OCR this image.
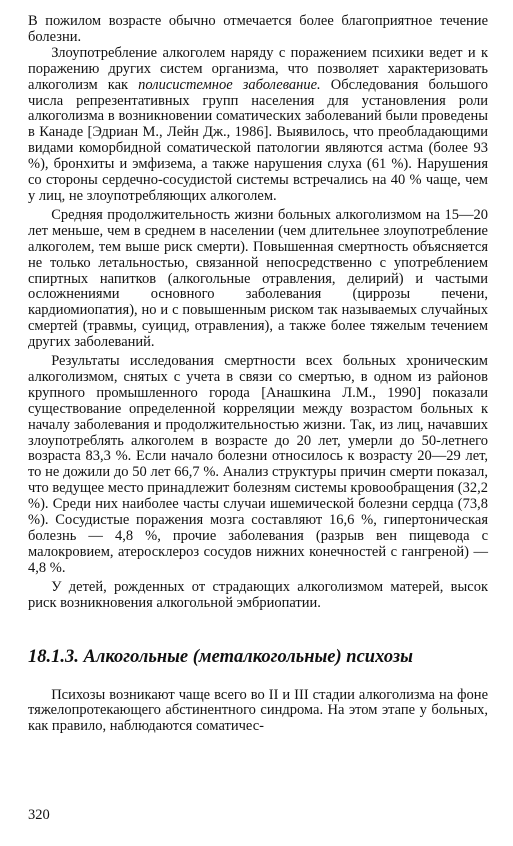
В пожилом возрасте обычно отмечается более благоприятное течение болезни.

Злоупотребление алкоголем наряду с поражением психики ведет и к поражению других систем организма, что позволяет характеризовать алкоголизм как полисистемное заболевание. Обследования большого числа репрезентативных групп населения для установления роли алкоголизма в возникновении соматических заболеваний были проведены в Канаде [Эдриан М., Лейн Дж., 1986]. Выявилось, что преобладающими видами коморбидной соматической патологии являются астма (более 93 %), бронхиты и эмфизема, а также нарушения слуха (61 %). Нарушения со стороны сердечно-сосудистой системы встречались на 40 % чаще, чем у лиц, не злоупотребляющих алкоголем.

Средняя продолжительность жизни больных алкоголизмом на 15—20 лет меньше, чем в среднем в населении (чем длительнее злоупотребление алкоголем, тем выше риск смерти). Повышенная смертность объясняется не только летальностью, связанной непосредственно с употреблением спиртных напитков (алкогольные отравления, делирий) и частыми осложнениями основного заболевания (циррозы печени, кардиомиопатия), но и с повышенным риском так называемых случайных смертей (травмы, суицид, отравления), а также более тяжелым течением других заболеваний.

Результаты исследования смертности всех больных хроническим алкоголизмом, снятых с учета в связи со смертью, в одном из районов крупного промышленного города [Анашкина Л.М., 1990] показали существование определенной корреляции между возрастом больных к началу заболевания и продолжительностью жизни. Так, из лиц, начавших злоупотреблять алкоголем в возрасте до 20 лет, умерли до 50-летнего возраста 83,3 %. Если начало болезни относилось к возрасту 20—29 лет, то не дожили до 50 лет 66,7 %. Анализ структуры причин смерти показал, что ведущее место принадлежит болезням системы кровообращения (32,2 %). Среди них наиболее часты случаи ишемической болезни сердца (73,8 %). Сосудистые поражения мозга составляют 16,6 %, гипертоническая болезнь — 4,8 %, прочие заболевания (разрыв вен пищевода с малокровием, атеросклероз сосудов нижних конечностей с гангреной) — 4,8 %.

У детей, рожденных от страдающих алкоголизмом матерей, высок риск возникновения алкогольной эмбриопатии.

18.1.3. Алкогольные (металкогольные) психозы

Психозы возникают чаще всего во II и III стадии алкоголизма на фоне тяжелопротекающего абстинентного синдрома. На этом этапе у больных, как правило, наблюдаются соматичес-

320
